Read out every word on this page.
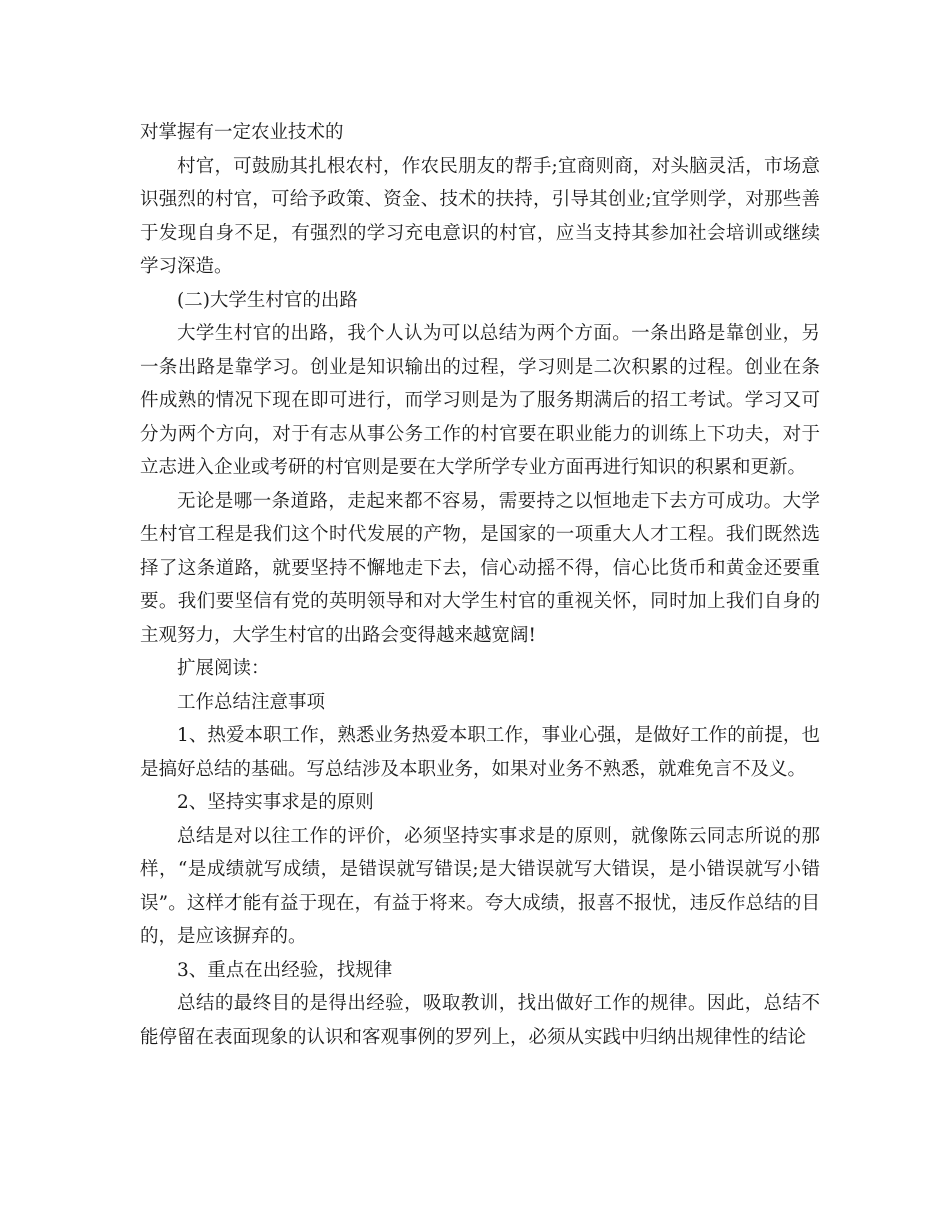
对掌握有一定农业技术的

村官，可鼓励其扎根农村，作农民朋友的帮手;宜商则商，对头脑灵活，市场意识强烈的村官，可给予政策、资金、技术的扶持，引导其创业;宜学则学，对那些善于发现自身不足，有强烈的学习充电意识的村官，应当支持其参加社会培训或继续学习深造。

(二)大学生村官的出路

大学生村官的出路，我个人认为可以总结为两个方面。一条出路是靠创业，另一条出路是靠学习。创业是知识输出的过程，学习则是二次积累的过程。创业在条件成熟的情况下现在即可进行，而学习则是为了服务期满后的招工考试。学习又可分为两个方向，对于有志从事公务工作的村官要在职业能力的训练上下功夫，对于立志进入企业或考研的村官则是要在大学所学专业方面再进行知识的积累和更新。

无论是哪一条道路，走起来都不容易，需要持之以恒地走下去方可成功。大学生村官工程是我们这个时代发展的产物，是国家的一项重大人才工程。我们既然选择了这条道路，就要坚持不懈地走下去，信心动摇不得，信心比货币和黄金还要重要。我们要坚信有党的英明领导和对大学生村官的重视关怀，同时加上我们自身的主观努力，大学生村官的出路会变得越来越宽阔!

扩展阅读：

工作总结注意事项

1、热爱本职工作，熟悉业务热爱本职工作，事业心强，是做好工作的前提，也是搞好总结的基础。写总结涉及本职业务，如果对业务不熟悉，就难免言不及义。

2、坚持实事求是的原则

总结是对以往工作的评价，必须坚持实事求是的原则，就像陈云同志所说的那样，“是成绩就写成绩，是错误就写错误;是大错误就写大错误，是小错误就写小错误”。这样才能有益于现在，有益于将来。夸大成绩，报喜不报忧，违反作总结的目的，是应该摒弃的。

3、重点在出经验，找规律

总结的最终目的是得出经验，吸取教训，找出做好工作的规律。因此，总结不能停留在表面现象的认识和客观事例的罗列上，必须从实践中归纳出规律性的结论
